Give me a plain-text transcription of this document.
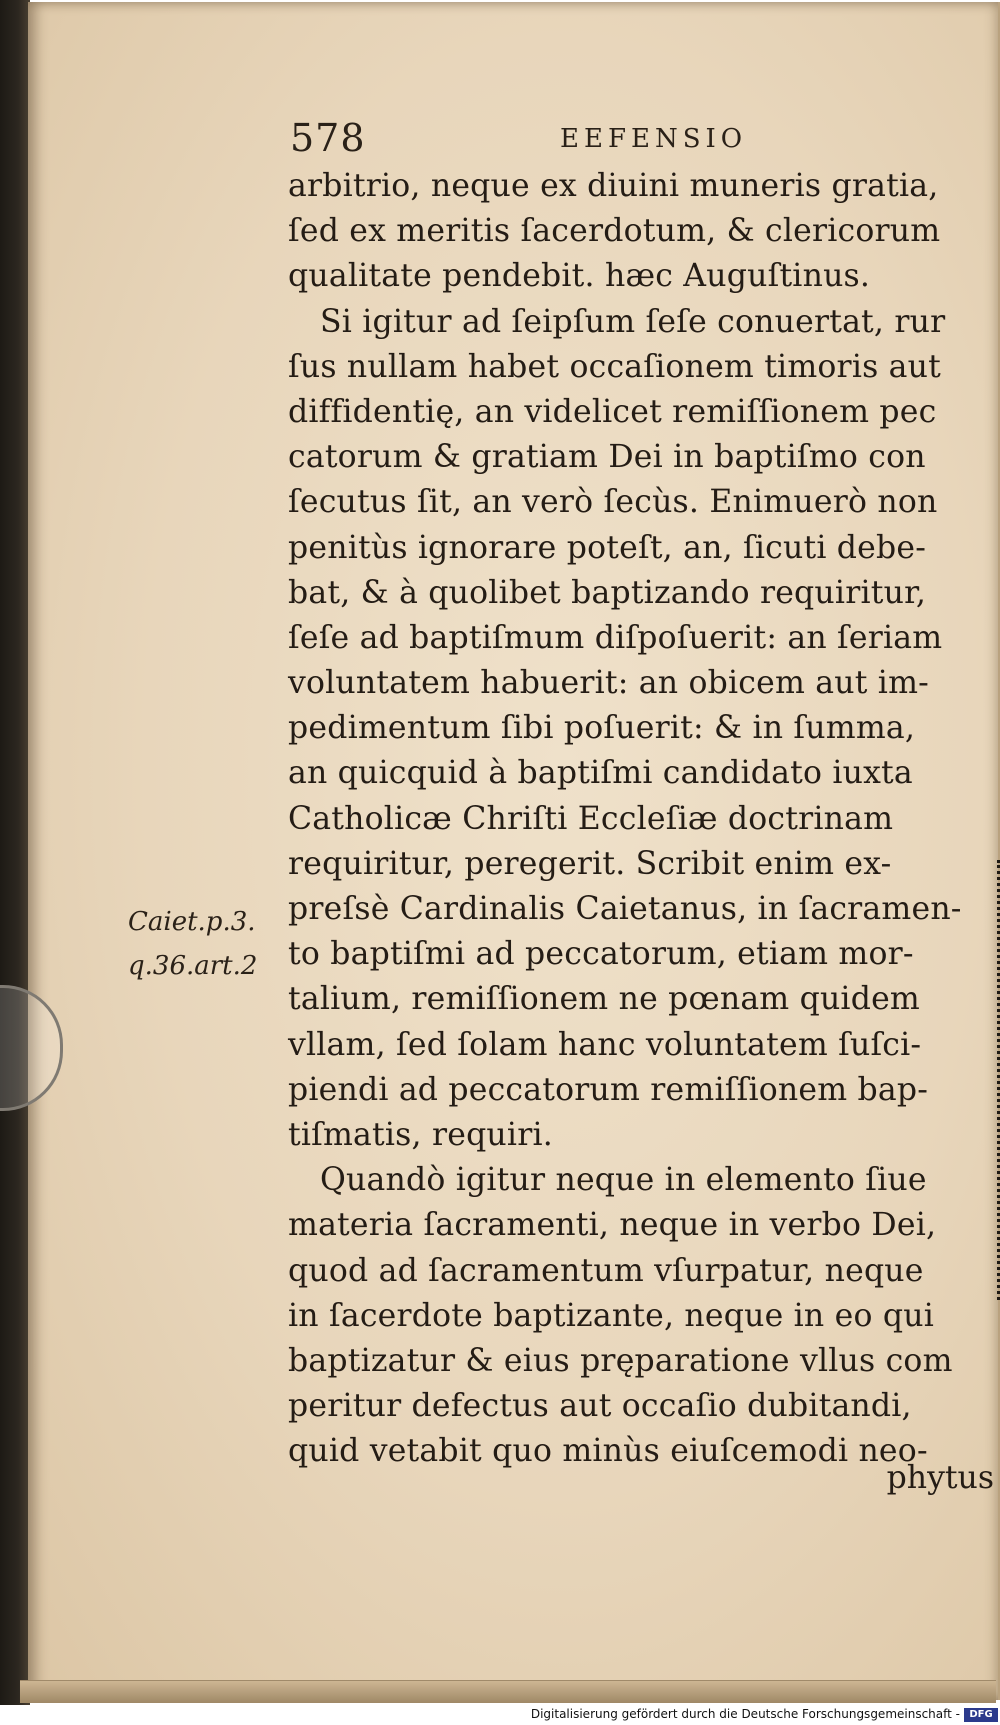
578	EEFENSIO
arbitrio, neque ex diuini muneris gratia,
ſed ex meritis ſacerdotum, & clericorum
qualitate pendebit. hæc Auguſtinus.
Si igitur ad ſeipſum ſeſe conuertat, rur
ſus nullam habet occaſionem timoris aut
diffidentię, an videlicet remiſſionem pec
catorum & gratiam Dei in baptiſmo con
ſecutus ſit, an verò ſecùs. Enimuerò non
penitùs ignorare poteſt, an, ſicuti debe-
bat, & à quolibet baptizando requiritur,
ſeſe ad baptiſmum diſpoſuerit: an ſeriam
voluntatem habuerit: an obicem aut im-
pedimentum ſibi poſuerit: & in ſumma,
an quicquid à baptiſmi candidato iuxta
Catholicæ Chriſti Eccleſiæ doctrinam
requiritur, peregerit. Scribit enim ex-
preſsè Cardinalis Caietanus, in ſacramen-
to baptiſmi ad peccatorum, etiam mor-
talium, remiſſionem ne pœnam quidem
vllam, ſed ſolam hanc voluntatem ſuſci-
piendi ad peccatorum remiſſionem bap-
tiſmatis, requiri.
Quandò igitur neque in elemento ſiue
materia ſacramenti, neque in verbo Dei,
quod ad ſacramentum vſurpatur, neque
in ſacerdote baptizante, neque in eo qui
baptizatur & eius pręparatione vllus com
peritur defectus aut occaſio dubitandi,
quid vetabit quo minùs eiuſcemodi neo-
phytus
Caiet.p.3.
q.36.art.2
Digitalisierung gefördert durch die Deutsche Forschungsgemeinschaft - DFG
